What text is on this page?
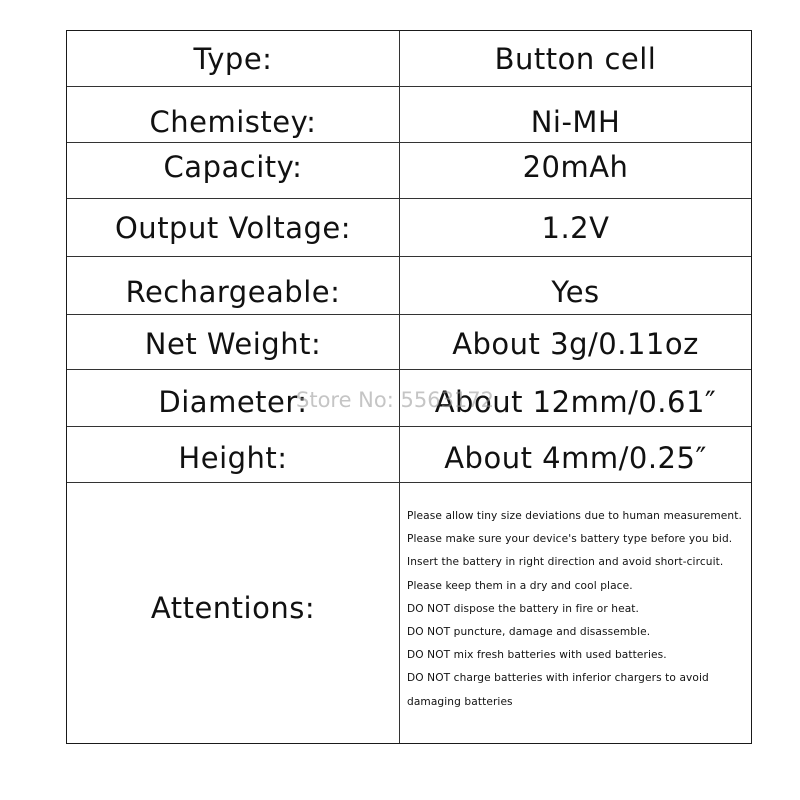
Type:	Button cell
Chemistey:	Ni-MH
Capacity:	20mAh
Output Voltage:	1.2V
Rechargeable:	Yes
Net Weight:	About 3g/0.11oz
Diameter:	About 12mm/0.61″
Height:	About 4mm/0.25″
Attentions:
Please allow tiny size deviations due to human measurement.
Please make sure your device's battery type before you bid.
Insert the battery in right direction and avoid short-circuit.
Please keep them in a dry and cool place.
DO NOT dispose the battery in fire or heat.
DO NOT puncture, damage and disassemble.
DO NOT mix fresh batteries with used batteries.
DO NOT charge batteries with inferior chargers to avoid
damaging batteries
Store No: 5563172
